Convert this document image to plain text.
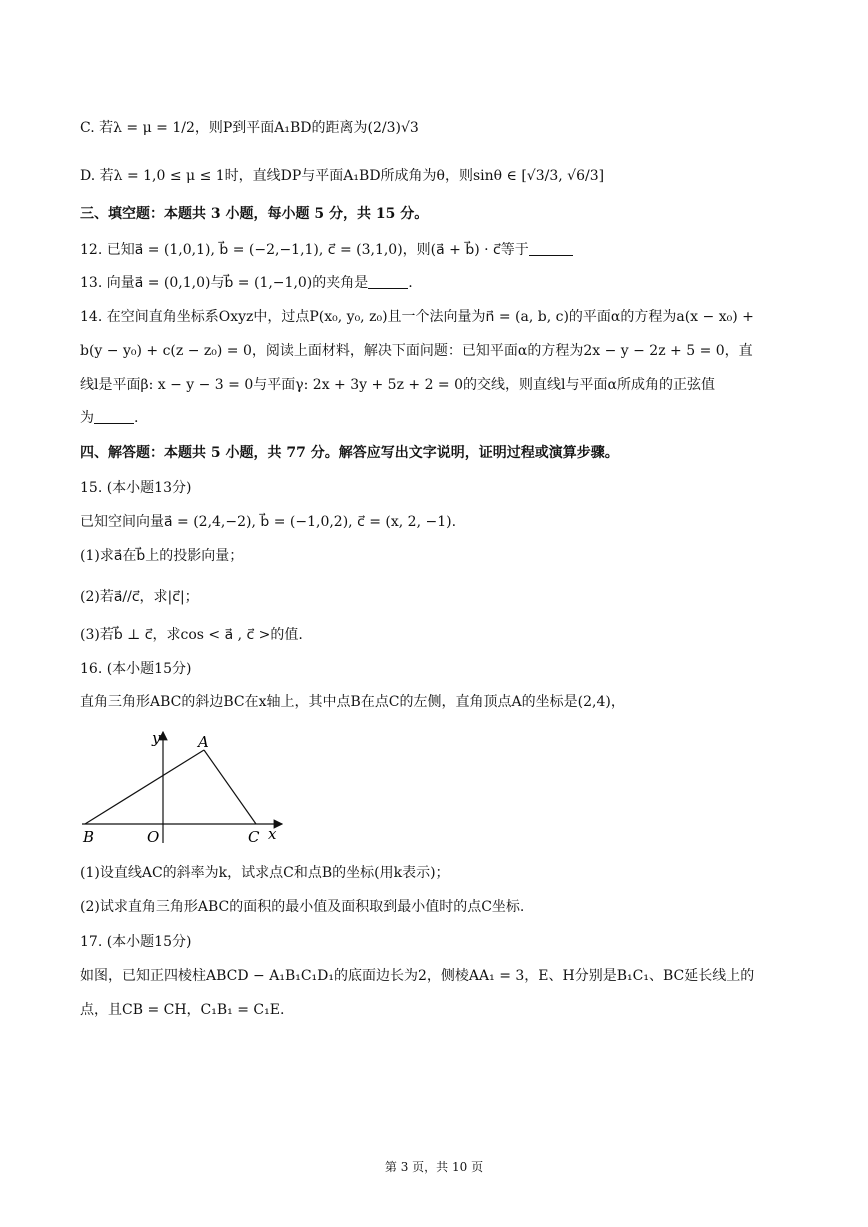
C. 若λ = μ = 1/2，则P到平面A₁BD的距离为(2/3)√3
D. 若λ = 1,0 ≤ μ ≤ 1时，直线DP与平面A₁BD所成角为θ，则sinθ ∈ [√3/3, √6/3]
三、填空题：本题共 3 小题，每小题 5 分，共 15 分。
12. 已知a⃗ = (1,0,1), b⃗ = (−2,−1,1), c⃗ = (3,1,0)，则(a⃗ + b⃗) · c⃗等于
13. 向量a⃗ = (0,1,0)与b⃗ = (1,−1,0)的夹角是	.
14. 在空间直角坐标系Oxyz中，过点P(x₀, y₀, z₀)且一个法向量为n⃗ = (a, b, c)的平面α的方程为a(x − x₀) +
b(y − y₀) + c(z − z₀) = 0，阅读上面材料，解决下面问题：已知平面α的方程为2x − y − 2z + 5 = 0，直
线l是平面β: x − y − 3 = 0与平面γ: 2x + 3y + 5z + 2 = 0的交线，则直线l与平面α所成角的正弦值
为	.
四、解答题：本题共 5 小题，共 77 分。解答应写出文字说明，证明过程或演算步骤。
15. (本小题13分)
已知空间向量a⃗ = (2,4,−2), b⃗ = (−1,0,2), c⃗ = (x, 2, −1).
(1)求a⃗在b⃗上的投影向量；
(2)若a⃗//c⃗，求|c⃗|；
(3)若b⃗ ⊥ c⃗，求cos < a⃗ , c⃗ >的值.
16. (本小题15分)
直角三角形ABC的斜边BC在x轴上，其中点B在点C的左侧，直角顶点A的坐标是(2,4)，
y
x
A
B	C
O
(1)设直线AC的斜率为k，试求点C和点B的坐标(用k表示)；
(2)试求直角三角形ABC的面积的最小值及面积取到最小值时的点C坐标.
17. (本小题15分)
如图，已知正四棱柱ABCD − A₁B₁C₁D₁的底面边长为2，侧棱AA₁ = 3，E、H分别是B₁C₁、BC延长线上的
点，且CB = CH，C₁B₁ = C₁E.
第 3 页，共 10 页
